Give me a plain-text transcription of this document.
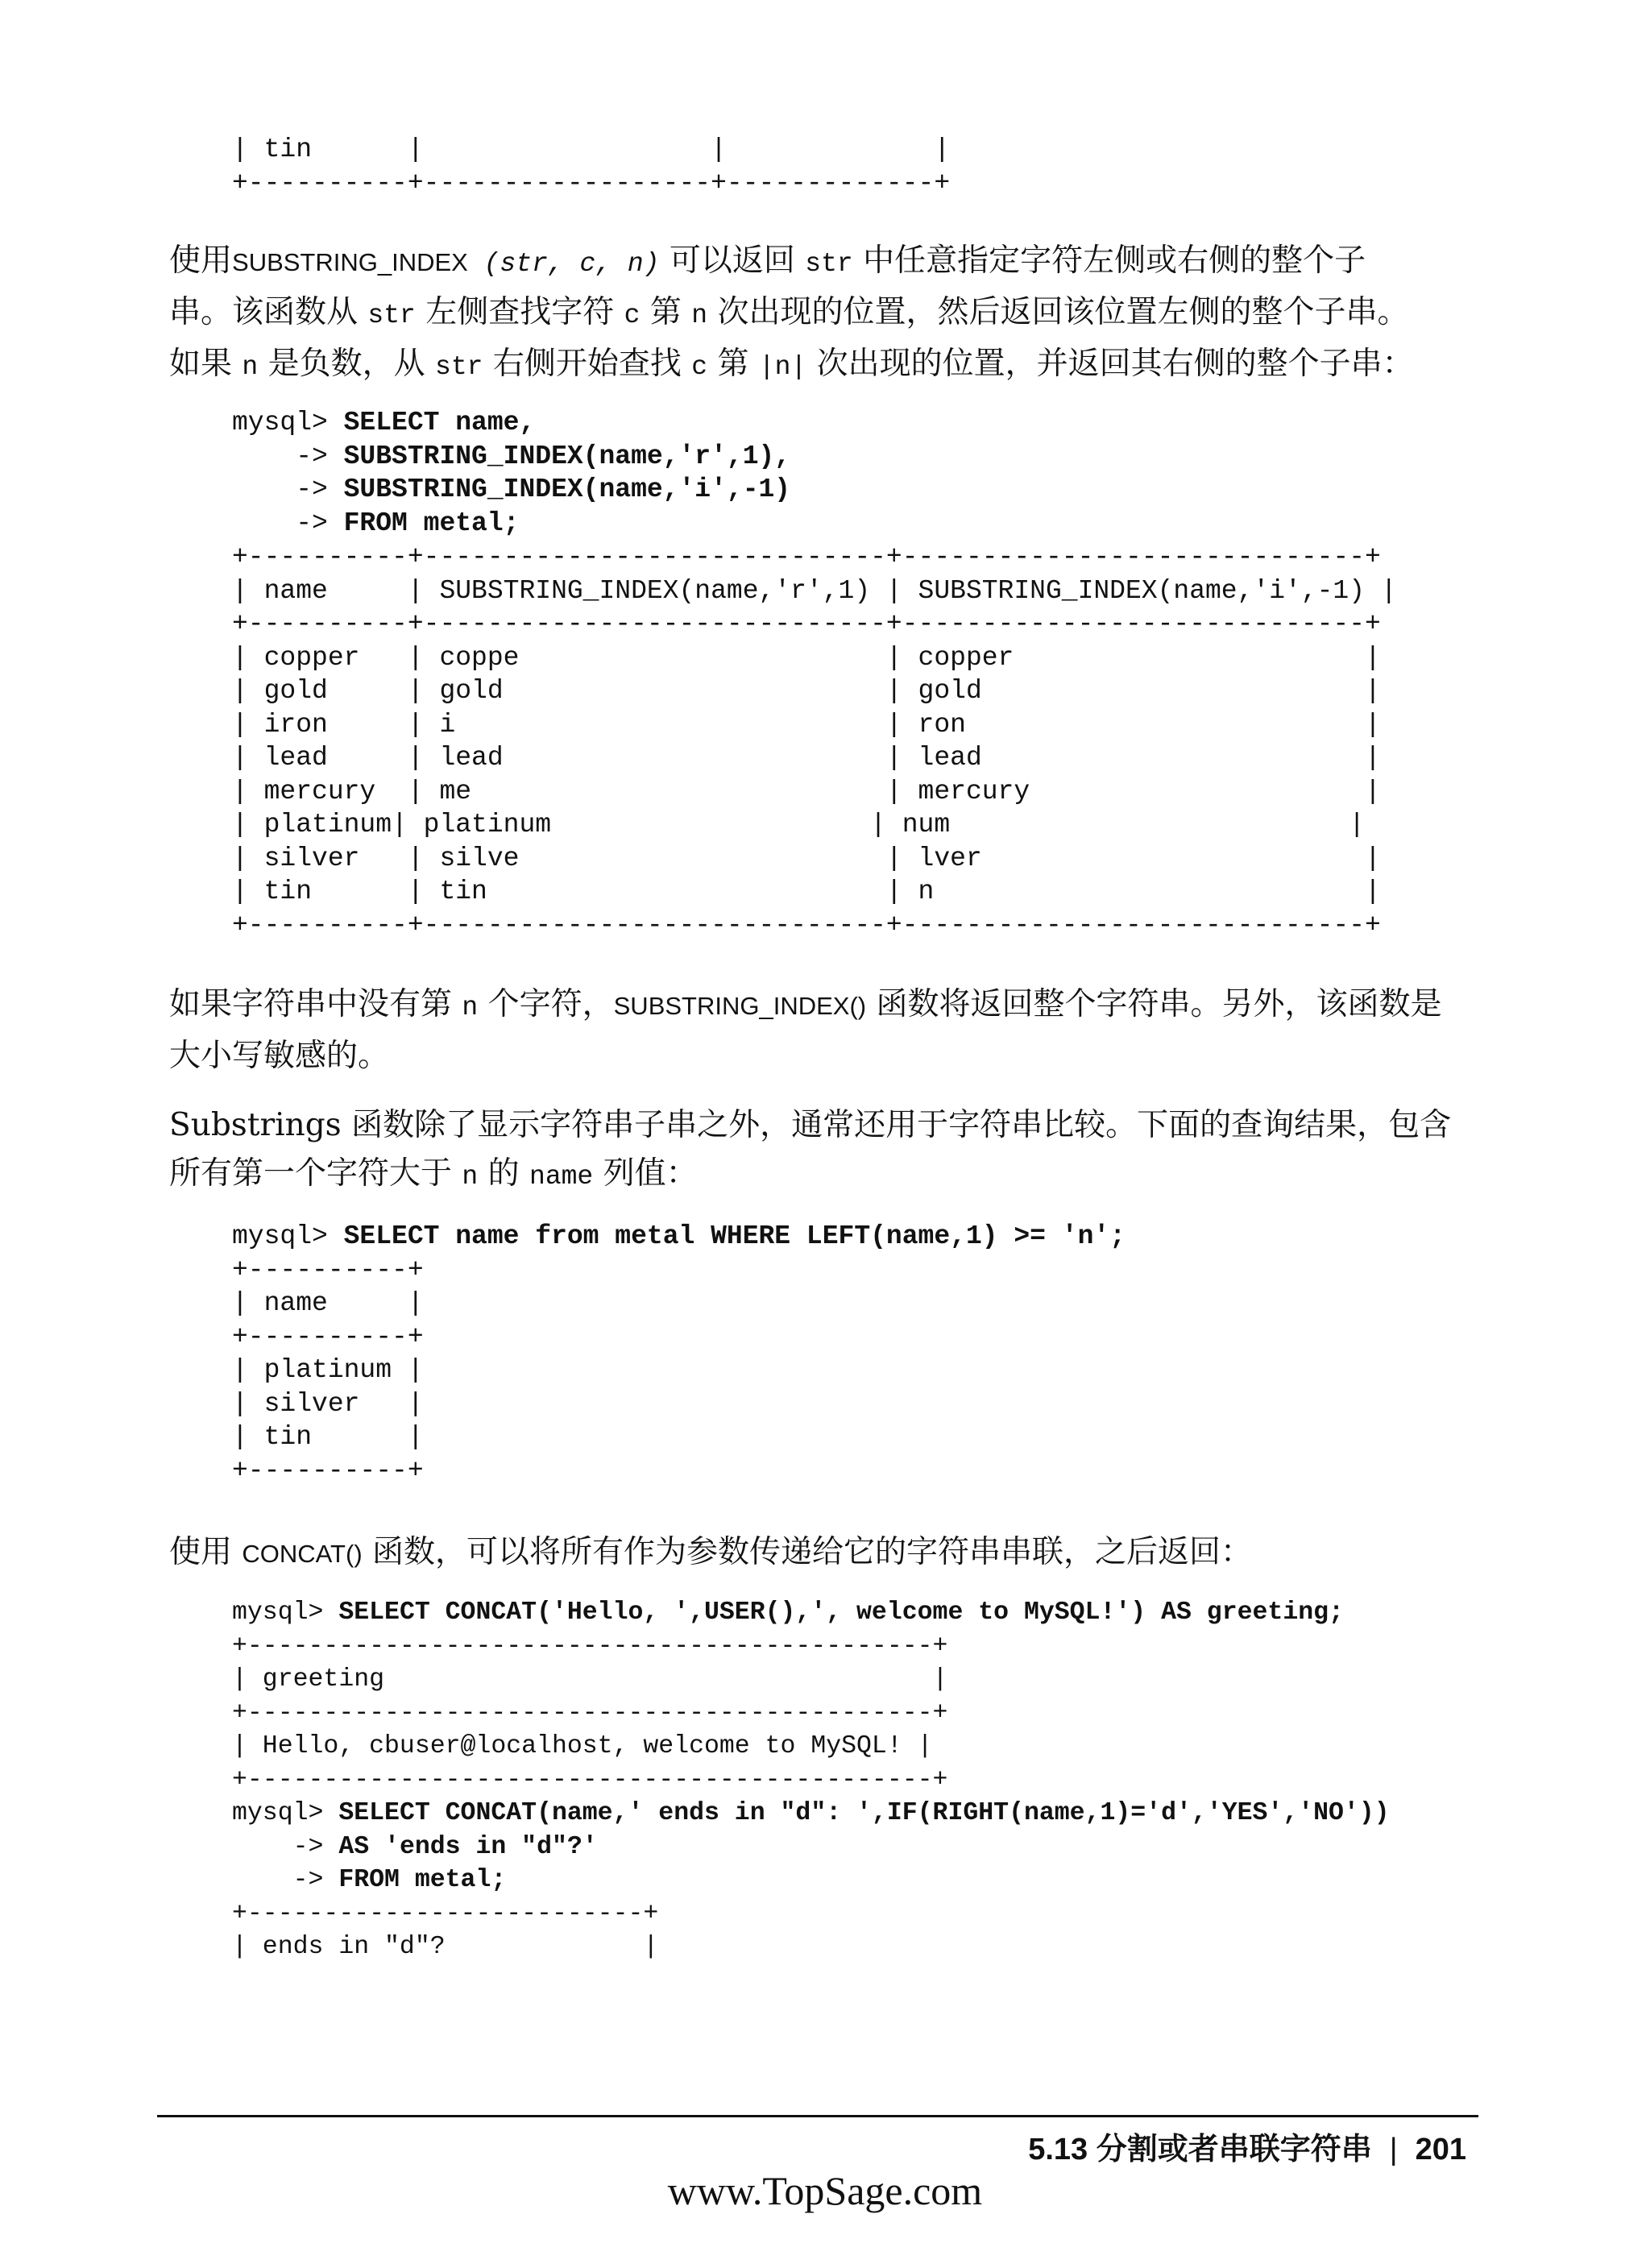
| tin      |                  |             |
+----------+------------------+-------------+

使用SUBSTRING_INDEX (str, c, n) 可以返回 str 中任意指定字符左侧或右侧的整个子

串。该函数从 str 左侧查找字符 c 第 n 次出现的位置，然后返回该位置左侧的整个子串。

如果 n 是负数，从 str 右侧开始查找 c 第 |n| 次出现的位置，并返回其右侧的整个子串：

mysql> SELECT name,
-> SUBSTRING_INDEX(name,'r',1),
-> SUBSTRING_INDEX(name,'i',-1)
-> FROM metal;
+----------+-----------------------------+-----------------------------+
| name     | SUBSTRING_INDEX(name,'r',1) | SUBSTRING_INDEX(name,'i',-1) |
+----------+-----------------------------+-----------------------------+
| copper   | coppe                       | copper                      |
| gold     | gold                        | gold                        |
| iron     | i                           | ron                         |
| lead     | lead                        | lead                        |
| mercury  | me                          | mercury                     |
| platinum| platinum                    | num                         |
| silver   | silve                       | lver                        |
| tin      | tin                         | n                           |
+----------+-----------------------------+-----------------------------+

如果字符串中没有第 n 个字符，SUBSTRING_INDEX() 函数将返回整个字符串。另外，该函数是大小写敏感的。

Substrings 函数除了显示字符串子串之外，通常还用于字符串比较。下面的查询结果，包含所有第一个字符大于 n 的 name 列值：

mysql> SELECT name from metal WHERE LEFT(name,1) >= 'n';
+----------+
| name     |
+----------+
| platinum |
| silver   |
| tin      |
+----------+

使用 CONCAT() 函数，可以将所有作为参数传递给它的字符串串联，之后返回：

mysql> SELECT CONCAT('Hello, ',USER(),', welcome to MySQL!') AS greeting;
+---------------------------------------------+
| greeting                                    |
+---------------------------------------------+
| Hello, cbuser@localhost, welcome to MySQL! |
+---------------------------------------------+
mysql> SELECT CONCAT(name,' ends in "d": ',IF(RIGHT(name,1)='d','YES','NO'))
-> AS 'ends in "d"?'
-> FROM metal;
+--------------------------+
| ends in "d"?             |
5.13 分割或者串联字符串 | 201
www.TopSage.com
